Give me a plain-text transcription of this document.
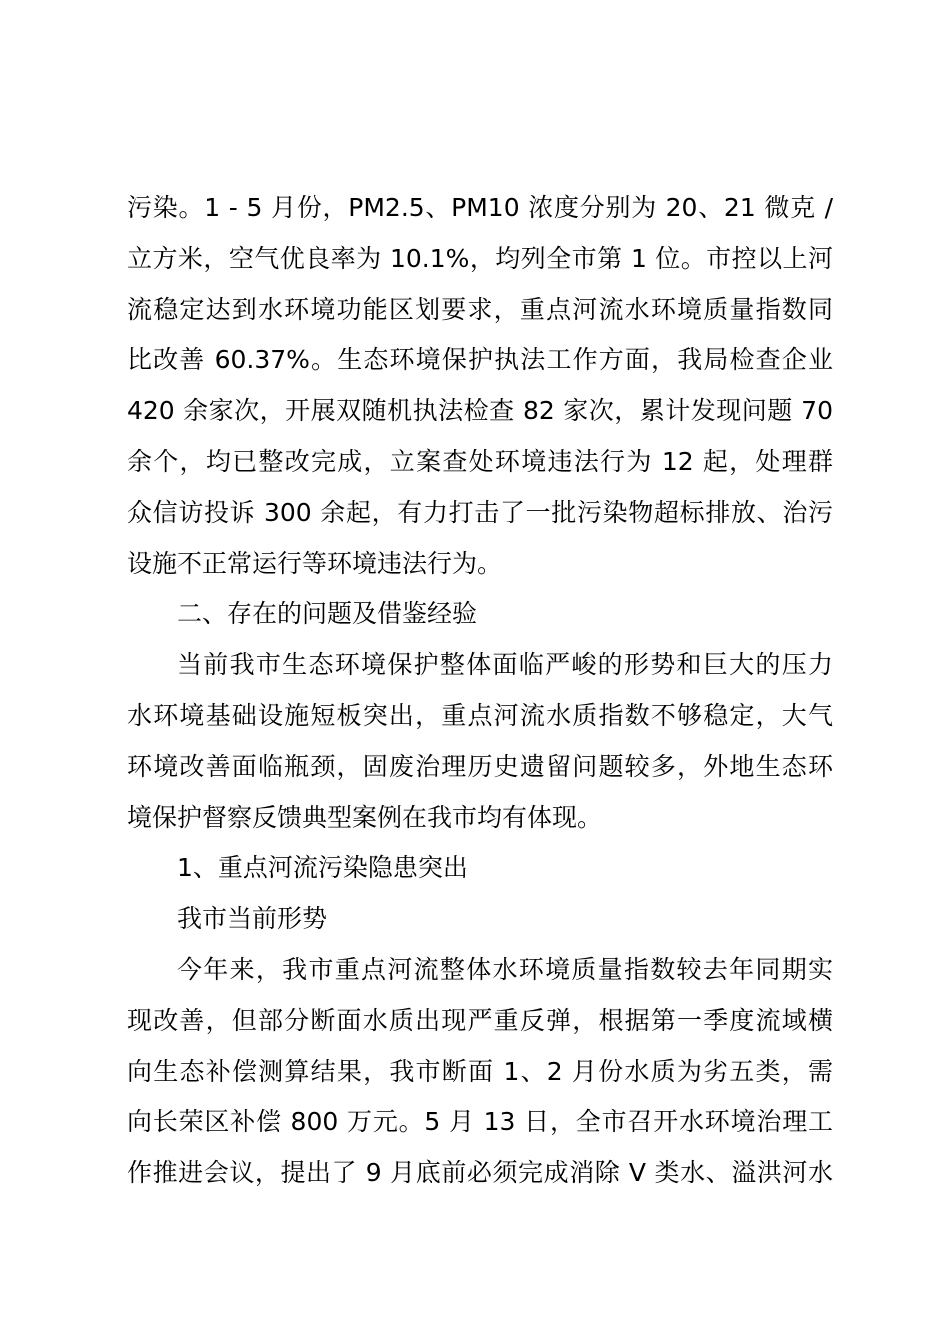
污染。1 - 5 月份，PM2.5、PM10 浓度分别为 20、21 微克 /
立方米，空气优良率为 10.1%，均列全市第 1 位。市控以上河
流稳定达到水环境功能区划要求，重点河流水环境质量指数同
比改善 60.37%。生态环境保护执法工作方面，我局检查企业
420 余家次，开展双随机执法检查 82 家次，累计发现问题 70
余个，均已整改完成，立案查处环境违法行为 12 起，处理群
众信访投诉 300 余起，有力打击了一批污染物超标排放、治污
设施不正常运行等环境违法行为。
二、存在的问题及借鉴经验
当前我市生态环境保护整体面临严峻的形势和巨大的压力
水环境基础设施短板突出，重点河流水质指数不够稳定，大气
环境改善面临瓶颈，固废治理历史遗留问题较多，外地生态环
境保护督察反馈典型案例在我市均有体现。
1、重点河流污染隐患突出
我市当前形势
今年来，我市重点河流整体水环境质量指数较去年同期实
现改善，但部分断面水质出现严重反弹，根据第一季度流域横
向生态补偿测算结果，我市断面 1、2 月份水质为劣五类，需
向长荣区补偿 800 万元。5 月 13 日，全市召开水环境治理工
作推进会议，提出了 9 月底前必须完成消除 V 类水、溢洪河水
